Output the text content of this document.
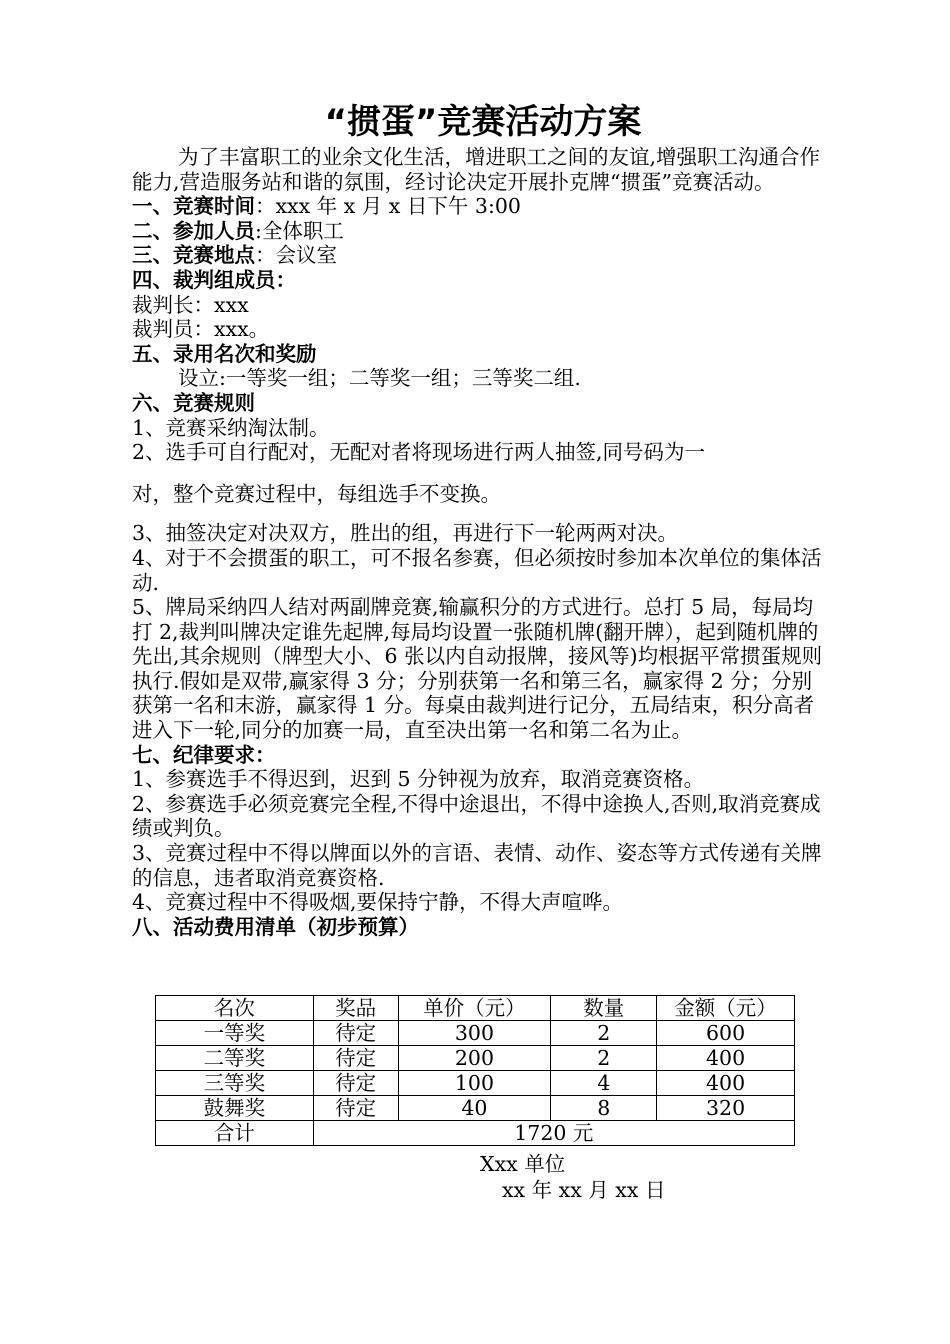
“掼蛋”竞赛活动方案

为了丰富职工的业余文化生活，增进职工之间的友谊,增强职工沟通合作能力,营造服务站和谐的氛围，经讨论决定开展扑克牌“掼蛋”竞赛活动。

一、竞赛时间：xxx 年 x 月 x 日下午 3:00

二、参加人员:全体职工

三、竞赛地点：会议室

四、裁判组成员：

裁判长：xxx

裁判员：xxx。

五、录用名次和奖励

设立:一等奖一组；二等奖一组；三等奖二组.

六、竞赛规则

1、竞赛采纳淘汰制。

2、选手可自行配对，无配对者将现场进行两人抽签,同号码为一

对，整个竞赛过程中，每组选手不变换。

3、抽签决定对决双方，胜出的组，再进行下一轮两两对决。

4、对于不会掼蛋的职工，可不报名参赛，但必须按时参加本次单位的集体活动.

5、牌局采纳四人结对两副牌竞赛,输赢积分的方式进行。总打 5 局，每局均打 2,裁判叫牌决定谁先起牌,每局均设置一张随机牌(翻开牌），起到随机牌的先出,其余规则（牌型大小、6 张以内自动报牌，接风等)均根据平常掼蛋规则执行.假如是双带,赢家得 3 分；分别获第一名和第三名，赢家得 2 分；分别获第一名和末游，赢家得 1 分。每桌由裁判进行记分，五局结束，积分高者进入下一轮,同分的加赛一局，直至决出第一名和第二名为止。

七、纪律要求：

1、参赛选手不得迟到，迟到 5 分钟视为放弃，取消竞赛资格。

2、参赛选手必须竞赛完全程,不得中途退出，不得中途换人,否则,取消竞赛成绩或判负。

3、竞赛过程中不得以牌面以外的言语、表情、动作、姿态等方式传递有关牌的信息，违者取消竞赛资格.

4、竞赛过程中不得吸烟,要保持宁静，不得大声喧哗。

八、活动费用清单（初步预算）

名次	奖品	单价（元）	数量	金额（元）
一等奖	待定	300	2	600
二等奖	待定	200	2	400
三等奖	待定	100	4	400
鼓舞奖	待定	40	8	320
合计	1720 元			
Xxx 单位
xx 年 xx 月 xx 日
